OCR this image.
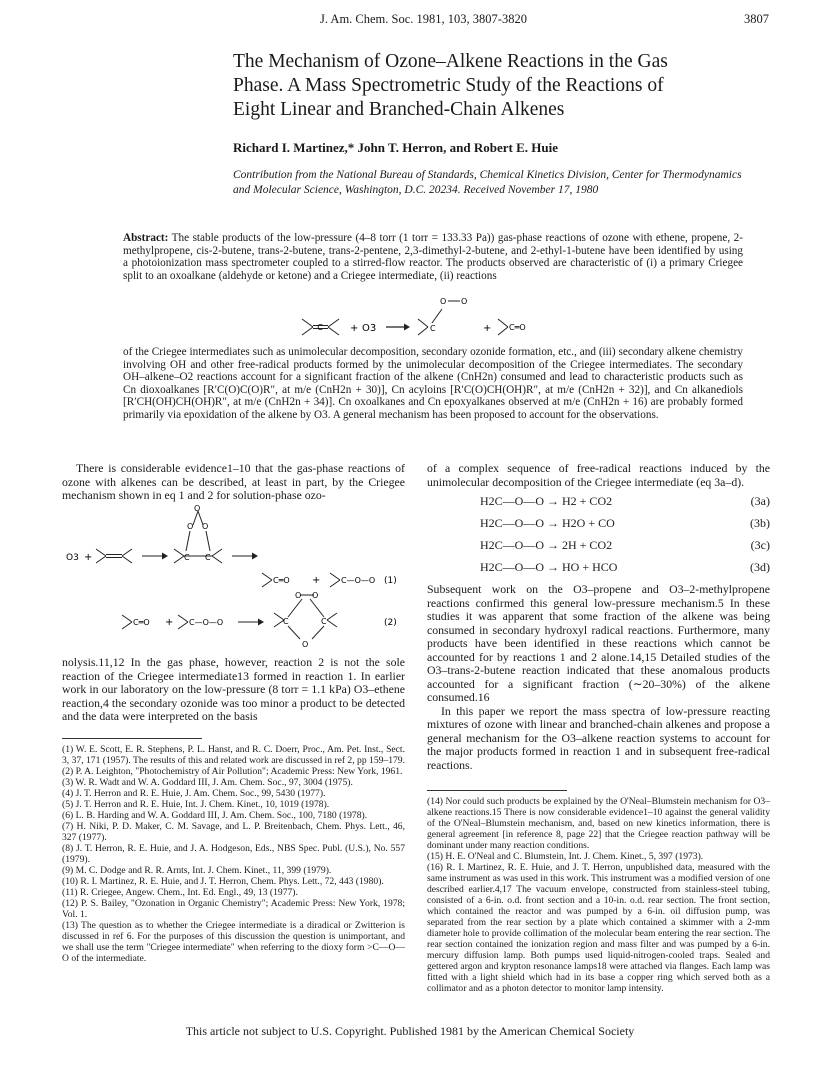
J. Am. Chem. Soc. 1981, 103, 3807-3820	3807
The Mechanism of Ozone–Alkene Reactions in the Gas Phase. A Mass Spectrometric Study of the Reactions of Eight Linear and Branched-Chain Alkenes
Richard I. Martinez,* John T. Herron, and Robert E. Huie
Contribution from the National Bureau of Standards, Chemical Kinetics Division, Center for Thermodynamics and Molecular Science, Washington, D.C. 20234. Received November 17, 1980
Abstract: The stable products of the low-pressure (4–8 torr (1 torr = 133.33 Pa)) gas-phase reactions of ozone with ethene, propene, 2-methylpropene, cis-2-butene, trans-2-butene, trans-2-pentene, 2,3-dimethyl-2-butene, and 2-ethyl-1-butene have been identified by using a photoionization mass spectrometer coupled to a stirred-flow reactor. The products observed are characteristic of (i) a primary Criegee split to an oxoalkane (aldehyde or ketone) and a Criegee intermediate, (ii) reactions
C	+ O3	C
O O
+ C═O
of the Criegee intermediates such as unimolecular decomposition, secondary ozonide formation, etc., and (iii) secondary alkene chemistry involving OH and other free-radical products formed by the unimolecular decomposition of the Criegee intermediates. The secondary OH–alkene–O2 reactions account for a significant fraction of the alkene (CnH2n) consumed and lead to characteristic products such as Cn dioxoalkanes [R′C(O)C(O)R″, at m/e (CnH2n + 30)], Cn acyloins [R′C(O)CH(OH)R″, at m/e (CnH2n + 32)], and Cn alkanediols [R′CH(OH)CH(OH)R″, at m/e (CnH2n + 34)]. Cn oxoalkanes and Cn epoxyalkanes observed at m/e (CnH2n + 16) are probably formed primarily via epoxidation of the alkene by O3. A general mechanism has been proposed to account for the observations.

There is considerable evidence1–10 that the gas-phase reactions of ozone with alkenes can be described, at least in part, by the Criegee mechanism shown in eq 1 and 2 for solution-phase ozo-

O3 +
O O
O
C C
C═O +	C—O—O (1)
C═O + C—O—O
O O
O
C	C	(2)
nolysis.11,12 In the gas phase, however, reaction 2 is not the sole reaction of the Criegee intermediate13 formed in reaction 1. In earlier work in our laboratory on the low-pressure (8 torr = 1.1 kPa) O3–ethene reaction,4 the secondary ozonide was too minor a product to be detected and the data were interpreted on the basis
of a complex sequence of free-radical reactions induced by the unimolecular decomposition of the Criegee intermediate (eq 3a–d).
H2C—O—O → H2 + CO2	(3a)
H2C—O—O → H2O + CO	(3b)
H2C—O—O → 2H + CO2	(3c)
H2C—O—O → HO + HCO	(3d)

Subsequent work on the O3–propene and O3–2-methylpropene reactions confirmed this general low-pressure mechanism.5 In these studies it was apparent that some fraction of the alkene was being consumed in secondary hydroxyl radical reactions. Furthermore, many products have been identified in these reactions which cannot be accounted for by reactions 1 and 2 alone.14,15 Detailed studies of the O3–trans-2-butene reaction indicated that these anomalous products accounted for a significant fraction (∼20–30%) of the alkene consumed.16

In this paper we report the mass spectra of low-pressure reacting mixtures of ozone with linear and branched-chain alkenes and propose a general mechanism for the O3–alkene reaction systems to account for the major products formed in reaction 1 and in subsequent free-radical reactions.

(1) W. E. Scott, E. R. Stephens, P. L. Hanst, and R. C. Doerr, Proc., Am. Pet. Inst., Sect. 3, 37, 171 (1957). The results of this and related work are discussed in ref 2, pp 159–179.

(2) P. A. Leighton, "Photochemistry of Air Pollution"; Academic Press: New York, 1961.

(3) W. R. Wadt and W. A. Goddard III, J. Am. Chem. Soc., 97, 3004 (1975).

(4) J. T. Herron and R. E. Huie, J. Am. Chem. Soc., 99, 5430 (1977).

(5) J. T. Herron and R. E. Huie, Int. J. Chem. Kinet., 10, 1019 (1978).

(6) L. B. Harding and W. A. Goddard III, J. Am. Chem. Soc., 100, 7180 (1978).

(7) H. Niki, P. D. Maker, C. M. Savage, and L. P. Breitenbach, Chem. Phys. Lett., 46, 327 (1977).

(8) J. T. Herron, R. E. Huie, and J. A. Hodgeson, Eds., NBS Spec. Publ. (U.S.), No. 557 (1979).

(9) M. C. Dodge and R. R. Arnts, Int. J. Chem. Kinet., 11, 399 (1979).

(10) R. I. Martinez, R. E. Huie, and J. T. Herron, Chem. Phys. Lett., 72, 443 (1980).

(11) R. Criegee, Angew. Chem., Int. Ed. Engl., 49, 13 (1977).

(12) P. S. Bailey, "Ozonation in Organic Chemistry"; Academic Press: New York, 1978; Vol. 1.

(13) The question as to whether the Criegee intermediate is a diradical or Zwitterion is discussed in ref 6. For the purposes of this discussion the question is unimportant, and we shall use the term "Criegee intermediate" when referring to the dioxy form >C—O—O of the intermediate.

(14) Nor could such products be explained by the O'Neal–Blumstein mechanism for O3–alkene reactions.15 There is now considerable evidence1–10 against the general validity of the O'Neal–Blumstein mechanism, and, based on new kinetics information, there is general agreement [in reference 8, page 22] that the Criegee reaction pathway will be dominant under many reaction conditions.

(15) H. E. O'Neal and C. Blumstein, Int. J. Chem. Kinet., 5, 397 (1973).

(16) R. I. Martinez, R. E. Huie, and J. T. Herron, unpublished data, measured with the same instrument as was used in this work. This instrument was a modified version of one described earlier.4,17 The vacuum envelope, constructed from stainless-steel tubing, consisted of a 6-in. o.d. front section and a 10-in. o.d. rear section. The front section, which contained the reactor and was pumped by a 6-in. oil diffusion pump, was separated from the rear section by a plate which contained a skimmer with a 2-mm diameter hole to provide collimation of the molecular beam entering the rear section. The rear section contained the ionization region and mass filter and was pumped by a 6-in. mercury diffusion lamp. Both pumps used liquid-nitrogen-cooled traps. Sealed and gettered argon and krypton resonance lamps18 were attached via flanges. Each lamp was fitted with a light shield which had in its base a copper ring which served both as a collimator and as a photon detector to monitor lamp intensity.

This article not subject to U.S. Copyright. Published 1981 by the American Chemical Society
